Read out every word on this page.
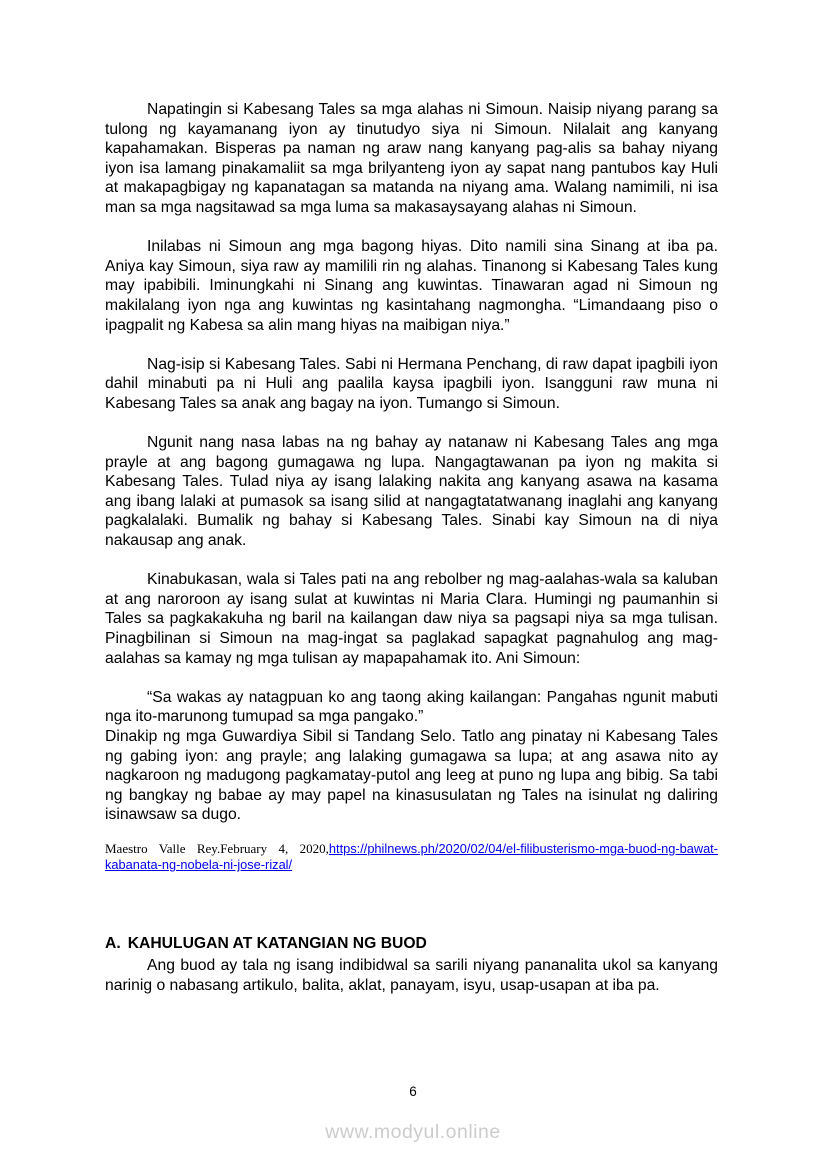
Napatingin si Kabesang Tales sa mga alahas ni Simoun. Naisip niyang parang sa tulong ng kayamanang iyon ay tinutudyo siya ni Simoun. Nilalait ang kanyang kapahamakan. Bisperas pa naman ng araw nang kanyang pag-alis sa bahay niyang iyon isa lamang pinakamaliit sa mga brilyanteng iyon ay sapat nang pantubos kay Huli at makapagbigay ng kapanatagan sa matanda na niyang ama. Walang namimili, ni isa man sa mga nagsitawad sa mga luma sa makasaysayang alahas ni Simoun.

Inilabas ni Simoun ang mga bagong hiyas. Dito namili sina Sinang at iba pa. Aniya kay Simoun, siya raw ay mamilili rin ng alahas. Tinanong si Kabesang Tales kung may ipabibili. Iminungkahi ni Sinang ang kuwintas. Tinawaran agad ni Simoun ng makilalang iyon nga ang kuwintas ng kasintahang nagmongha. “Limandaang piso o ipagpalit ng Kabesa sa alin mang hiyas na maibigan niya.”

Nag-isip si Kabesang Tales. Sabi ni Hermana Penchang, di raw dapat ipagbili iyon dahil minabuti pa ni Huli ang paalila kaysa ipagbili iyon. Isangguni raw muna ni Kabesang Tales sa anak ang bagay na iyon. Tumango si Simoun.

Ngunit nang nasa labas na ng bahay ay natanaw ni Kabesang Tales ang mga prayle at ang bagong gumagawa ng lupa. Nangagtawanan pa iyon ng makita si Kabesang Tales. Tulad niya ay isang lalaking nakita ang kanyang asawa na kasama ang ibang lalaki at pumasok sa isang silid at nangagtatatwanang inaglahi ang kanyang pagkalalaki. Bumalik ng bahay si Kabesang Tales. Sinabi kay Simoun na di niya nakausap ang anak.

Kinabukasan, wala si Tales pati na ang rebolber ng mag-aalahas-wala sa kaluban at ang naroroon ay isang sulat at kuwintas ni Maria Clara. Humingi ng paumanhin si Tales sa pagkakakuha ng baril na kailangan daw niya sa pagsapi niya sa mga tulisan. Pinagbilinan si Simoun na mag-ingat sa paglakad sapagkat pagnahulog ang mag-aalahas sa kamay ng mga tulisan ay mapapahamak ito. Ani Simoun:

“Sa wakas ay natagpuan ko ang taong aking kailangan: Pangahas ngunit mabuti nga ito-marunong tumupad sa mga pangako.”

Dinakip ng mga Guwardiya Sibil si Tandang Selo. Tatlo ang pinatay ni Kabesang Tales ng gabing iyon: ang prayle; ang lalaking gumagawa sa lupa; at ang asawa nito ay nagkaroon ng madugong pagkamatay-putol ang leeg at puno ng lupa ang bibig. Sa tabi ng bangkay ng babae ay may papel na kinasusulatan ng Tales na isinulat ng daliring isinawsaw sa dugo.

Maestro Valle Rey.February 4, 2020,https://philnews.ph/2020/02/04/el-filibusterismo-mga-buod-ng-bawat-kabanata-ng-nobela-ni-jose-rizal/

A. KAHULUGAN AT KATANGIAN NG BUOD

Ang buod ay tala ng isang indibidwal sa sarili niyang pananalita ukol sa kanyang narinig o nabasang artikulo, balita, aklat, panayam, isyu, usap-usapan at iba pa.

6
www.modyul.online
